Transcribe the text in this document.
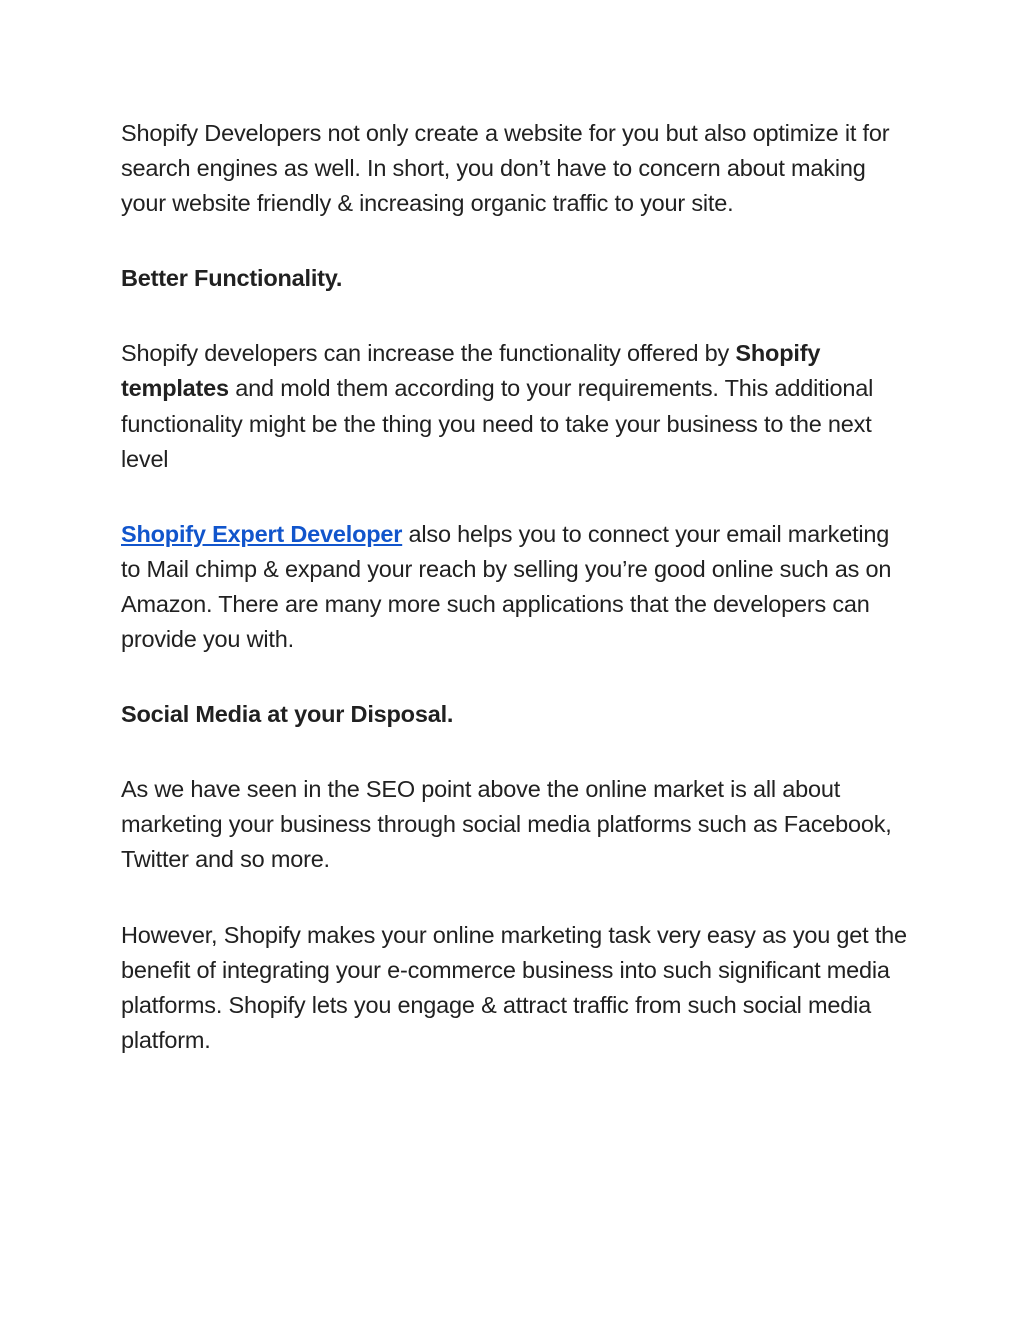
Shopify Developers not only create a website for you but also optimize it for search engines as well. In short, you don’t have to concern about making your website friendly & increasing organic traffic to your site.

Better Functionality.

Shopify developers can increase the functionality offered by Shopify templates and mold them according to your requirements. This additional functionality might be the thing you need to take your business to the next level

Shopify Expert Developer also helps you to connect your email marketing to Mail chimp & expand your reach by selling you’re good online such as on Amazon. There are many more such applications that the developers can provide you with.

Social Media at your Disposal.

As we have seen in the SEO point above the online market is all about marketing your business through social media platforms such as Facebook, Twitter and so more.

However, Shopify makes your online marketing task very easy as you get the benefit of integrating your e-commerce business into such significant media platforms. Shopify lets you engage & attract traffic from such social media platform.
